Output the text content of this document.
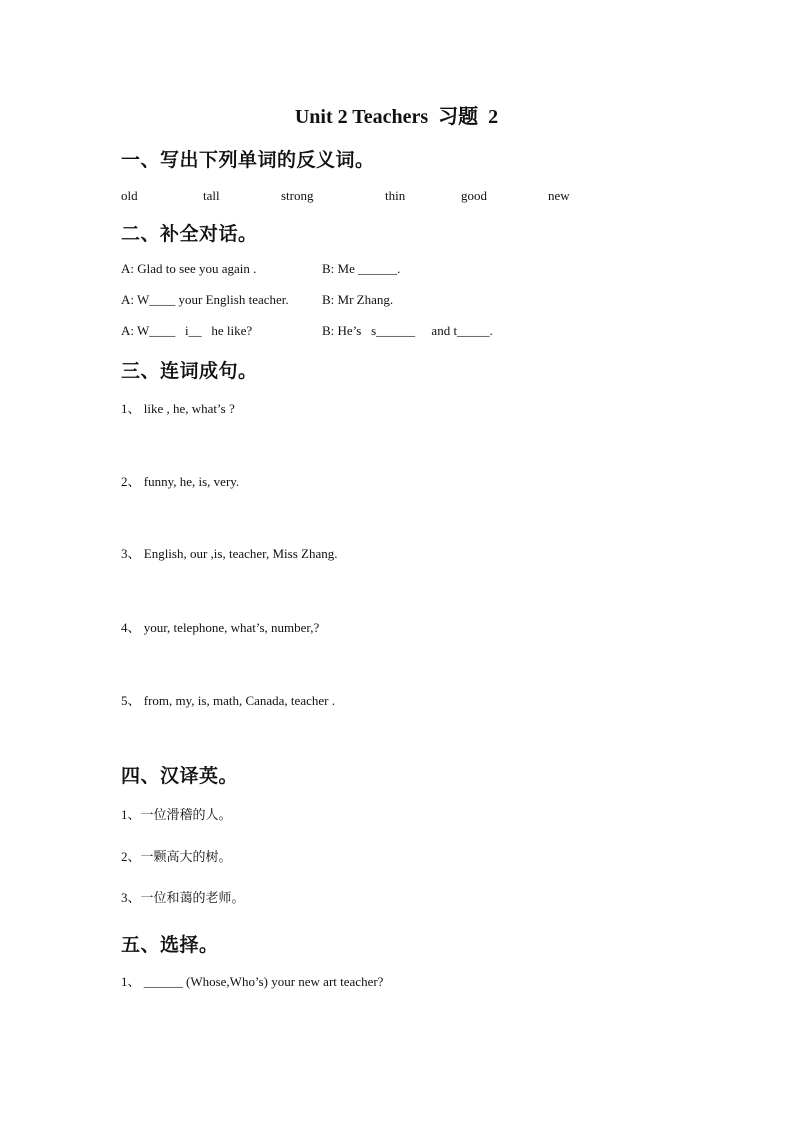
Unit 2 Teachers  习题  2
一、写出下列单词的反义词。

old

	tall

	strong

	thin

	good

	new

二、补全对话。
A: Glad to see you again .	B: Me ______.
A: W____ your English teacher.	B: Mr Zhang.
A: W____   i__   he like?	B: He’s   s______     and t_____.
三、连词成句。
1、 like , he, what’s ?
2、 funny, he, is, very.
3、 English, our ,is, teacher, Miss Zhang.
4、 your, telephone, what’s, number,?
5、 from, my, is, math, Canada, teacher .
四、汉译英。
1、一位滑稽的人。
2、一颗高大的树。
3、一位和蔼的老师。
五、选择。
1、 ______ (Whose,Who’s) your new art teacher?
